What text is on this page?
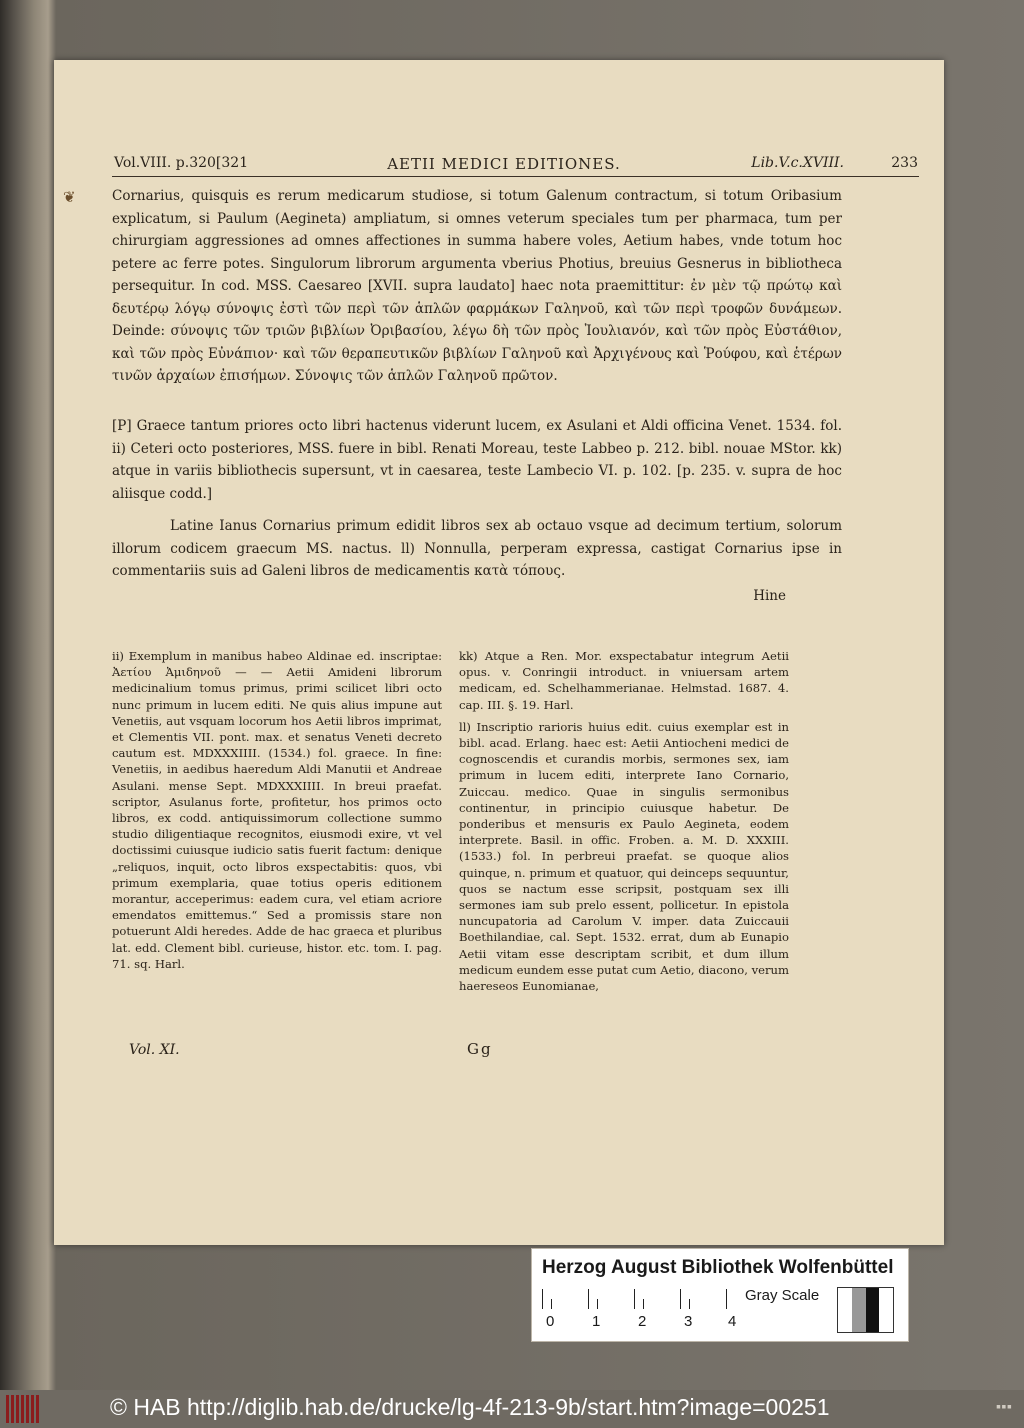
❦
Vol.VIII. p.320[321	AETII MEDICI EDITIONES.	Lib.V.c.XVIII.	233

Cornarius, quisquis es rerum medicarum studiose, si totum Galenum contractum, si totum Oribasium explicatum, si Paulum (Aegineta) ampliatum, si omnes veterum speciales tum per pharmaca, tum per chirurgiam aggressiones ad omnes affectiones in summa habere voles, Aetium habes, vnde totum hoc petere ac ferre potes. Singulorum librorum argumenta vberius Photius, breuius Gesnerus in bibliotheca persequitur. In cod. MSS. Caesareo [XVII. supra laudato] haec nota praemittitur: ἐν μὲν τῷ πρώτῳ καὶ δευτέρῳ λόγῳ σύνοψις ἐστὶ τῶν περὶ τῶν ἁπλῶν φαρμάκων Γαληνοῦ, καὶ τῶν περὶ τροφῶν δυνάμεων. Deinde: σύνοψις τῶν τριῶν βιβλίων Ὀριβασίου, λέγω δὴ τῶν πρὸς Ἰουλιανόν, καὶ τῶν πρὸς Εὐστάθιον, καὶ τῶν πρὸς Εὐνάπιον· καὶ τῶν θεραπευτικῶν βιβλίων Γαληνοῦ καὶ Ἀρχιγένους καὶ Ῥούφου, καὶ ἑτέρων τινῶν ἀρχαίων ἐπισήμων. Σύνοψις τῶν ἁπλῶν Γαληνοῦ πρῶτον.

[P] Graece tantum priores octo libri hactenus viderunt lucem, ex Asulani et Aldi officina Venet. 1534. fol. ii) Ceteri octo posteriores, MSS. fuere in bibl. Renati Moreau, teste Labbeo p. 212. bibl. nouae MStor. kk) atque in variis bibliothecis supersunt, vt in caesarea, teste Lambecio VI. p. 102. [p. 235. v. supra de hoc aliisque codd.]

Latine Ianus Cornarius primum edidit libros sex ab octauo vsque ad decimum tertium, solorum illorum codicem graecum MS. nactus. ll) Nonnulla, perperam expressa, castigat Cornarius ipse in commentariis suis ad Galeni libros de medicamentis κατὰ τόπους.

Hine

ii) Exemplum in manibus habeo Aldinae ed. inscriptae: Ἀετίου Ἀμιδηνοῦ — — Aetii Amideni librorum medicinalium tomus primus, primi scilicet libri octo nunc primum in lucem editi. Ne quis alius impune aut Venetiis, aut vsquam locorum hos Aetii libros imprimat, et Clementis VII. pont. max. et senatus Veneti decreto cautum est. MDXXXIIII. (1534.) fol. graece. In fine: Venetiis, in aedibus haeredum Aldi Manutii et Andreae Asulani. mense Sept. MDXXXIIII. In breui praefat. scriptor, Asulanus forte, profitetur, hos primos octo libros, ex codd. antiquissimorum collectione summo studio diligentiaque recognitos, eiusmodi exire, vt vel doctissimi cuiusque iudicio satis fuerit factum: denique „reliquos, inquit, octo libros exspectabitis: quos, vbi primum exemplaria, quae totius operis editionem morantur, acceperimus: eadem cura, vel etiam acriore emendatos emittemus.“ Sed a promissis stare non potuerunt Aldi heredes. Adde de hac graeca et pluribus lat. edd. Clement bibl. curieuse, histor. etc. tom. I. pag. 71. sq. Harl.

kk) Atque a Ren. Mor. exspectabatur integrum Aetii opus. v. Conringii introduct. in vniuersam artem medicam, ed. Schelhammerianae. Helmstad. 1687. 4. cap. III. §. 19. Harl.
ll) Inscriptio rarioris huius edit. cuius exemplar est in bibl. acad. Erlang. haec est: Aetii Antiocheni medici de cognoscendis et curandis morbis, sermones sex, iam primum in lucem editi, interprete Iano Cornario, Zuiccau. medico. Quae in singulis sermonibus continentur, in principio cuiusque habetur. De ponderibus et mensuris ex Paulo Aegineta, eodem interprete. Basil. in offic. Froben. a. M. D. XXXIII. (1533.) fol. In perbreui praefat. se quoque alios quinque, n. primum et quatuor, qui deinceps sequuntur, quos se nactum esse scripsit, postquam sex illi sermones iam sub prelo essent, pollicetur. In epistola nuncupatoria ad Carolum V. imper. data Zuiccauii Boethilandiae, cal. Sept. 1532. errat, dum ab Eunapio Aetii vitam esse descriptam scribit, et dum illum medicum eundem esse putat cum Aetio, diacono, verum haereseos Eunomianae,
Vol. XI.	Gg
Herzog August Bibliothek Wolfenbüttel
0	1	2	3 4
Gray Scale
© HAB http://diglib.hab.de/drucke/lg-4f-213-9b/start.htm?image=00251	▪▪▪
